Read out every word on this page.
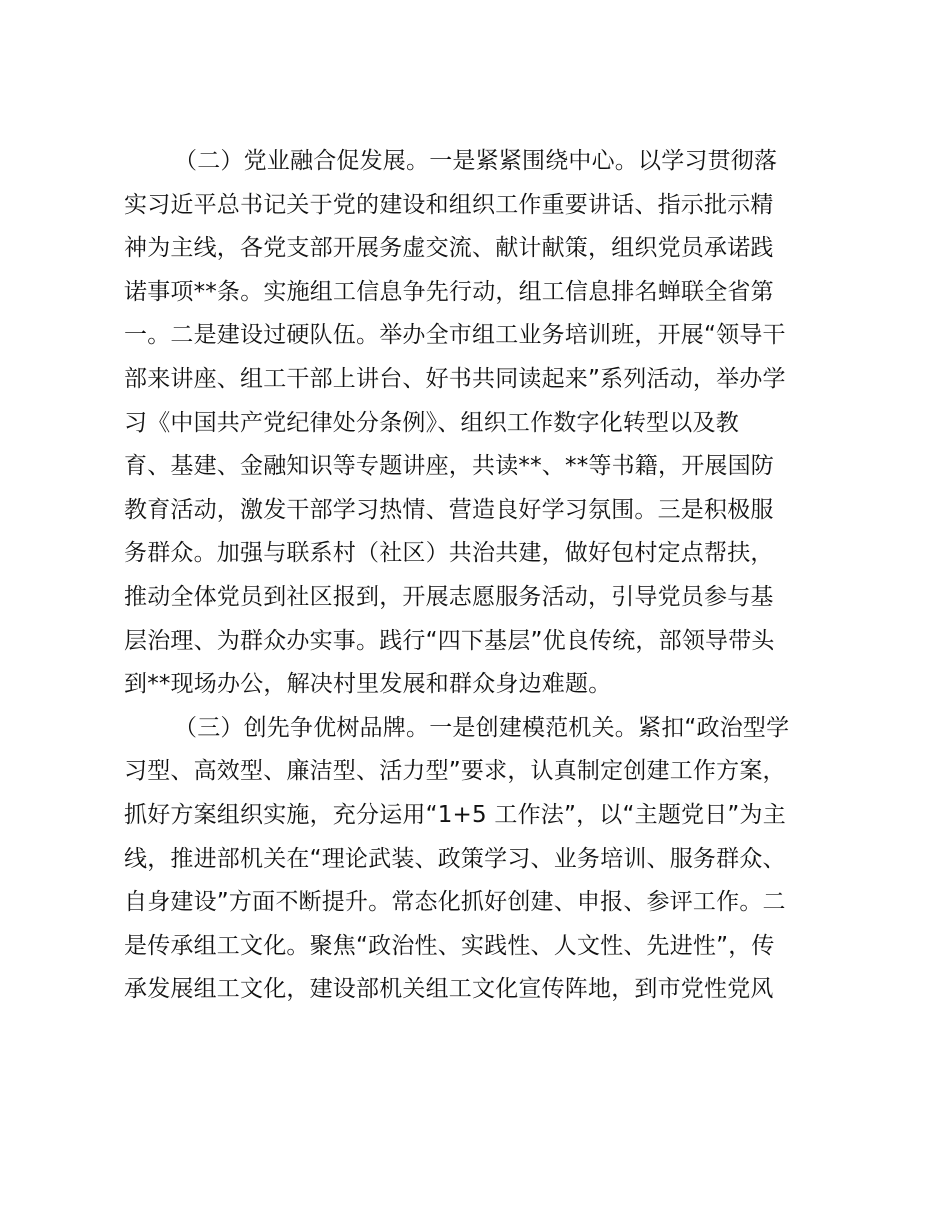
（二）党业融合促发展。一是紧紧围绕中心。以学习贯彻落
实习近平总书记关于党的建设和组织工作重要讲话、指示批示精
神为主线，各党支部开展务虚交流、献计献策，组织党员承诺践
诺事项**条。实施组工信息争先行动，组工信息排名蝉联全省第
一。二是建设过硬队伍。举办全市组工业务培训班，开展“领导干
部来讲座、组工干部上讲台、好书共同读起来”系列活动，举办学
习《中国共产党纪律处分条例》、组织工作数字化转型以及教
育、基建、金融知识等专题讲座，共读**、**等书籍，开展国防
教育活动，激发干部学习热情、营造良好学习氛围。三是积极服
务群众。加强与联系村（社区）共治共建，做好包村定点帮扶，
推动全体党员到社区报到，开展志愿服务活动，引导党员参与基
层治理、为群众办实事。践行“四下基层”优良传统，部领导带头
到**现场办公，解决村里发展和群众身边难题。
（三）创先争优树品牌。一是创建模范机关。紧扣“政治型学
习型、高效型、廉洁型、活力型”要求，认真制定创建工作方案，
抓好方案组织实施，充分运用“1+5 工作法”，以“主题党日”为主
线，推进部机关在“理论武装、政策学习、业务培训、服务群众、
自身建设”方面不断提升。常态化抓好创建、申报、参评工作。二
是传承组工文化。聚焦“政治性、实践性、人文性、先进性”，传
承发展组工文化，建设部机关组工文化宣传阵地，到市党性党风
